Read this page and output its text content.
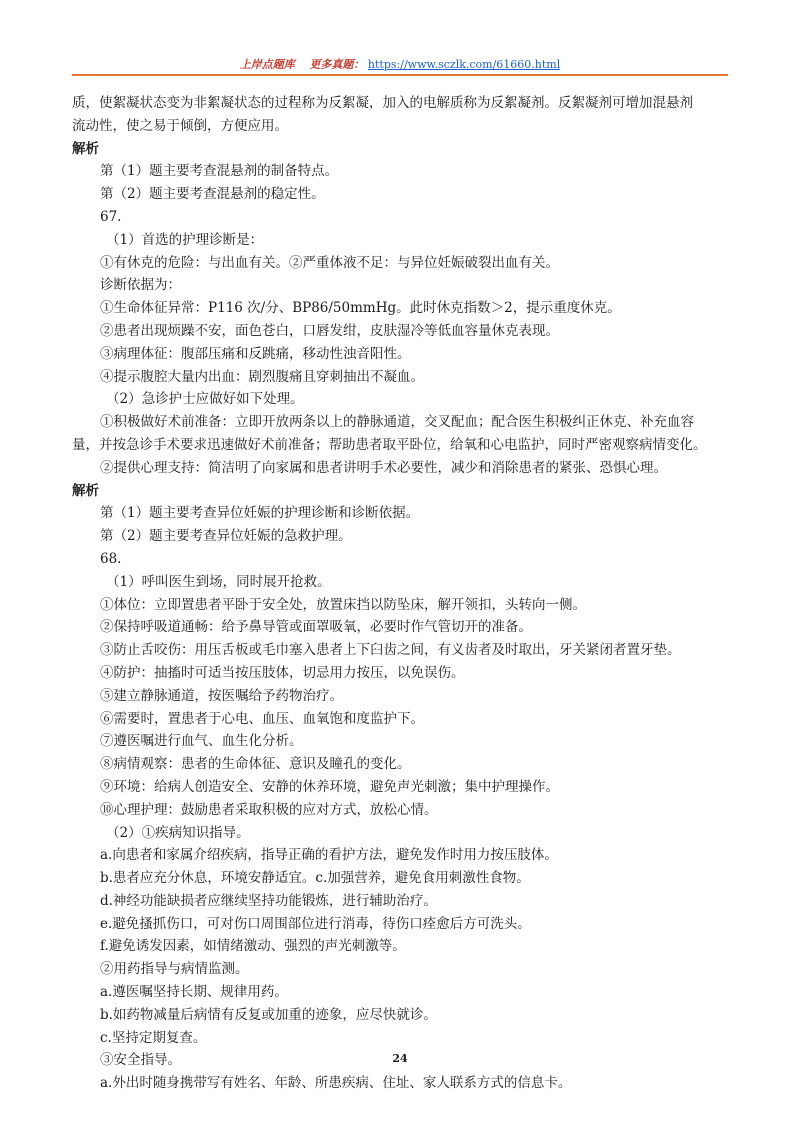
上岸点题库 更多真题： https://www.sczlk.com/61660.html
质，使絮凝状态变为非絮凝状态的过程称为反絮凝，加入的电解质称为反絮凝剂。反絮凝剂可增加混悬剂
流动性，使之易于倾倒，方便应用。
解析
第（1）题主要考查混悬剂的制备特点。
第（2）题主要考查混悬剂的稳定性。
67.
（1）首选的护理诊断是：
①有休克的危险：与出血有关。②严重体液不足：与异位妊娠破裂出血有关。
诊断依据为：
①生命体征异常：P116 次/分、BP86/50mmHg。此时休克指数＞2，提示重度休克。
②患者出现烦躁不安，面色苍白，口唇发绀，皮肤湿冷等低血容量休克表现。
③病理体征：腹部压痛和反跳痛，移动性浊音阳性。
④提示腹腔大量内出血：剧烈腹痛且穿刺抽出不凝血。
（2）急诊护士应做好如下处理。
①积极做好术前准备：立即开放两条以上的静脉通道，交叉配血；配合医生积极纠正休克、补充血容
量，并按急诊手术要求迅速做好术前准备；帮助患者取平卧位，给氧和心电监护，同时严密观察病情变化。
②提供心理支持：简洁明了向家属和患者讲明手术必要性，减少和消除患者的紧张、恐惧心理。
解析
第（1）题主要考查异位妊娠的护理诊断和诊断依据。
第（2）题主要考查异位妊娠的急救护理。
68.
（1）呼叫医生到场，同时展开抢救。
①体位：立即置患者平卧于安全处，放置床挡以防坠床，解开领扣，头转向一侧。
②保持呼吸道通畅：给予鼻导管或面罩吸氧，必要时作气管切开的准备。
③防止舌咬伤：用压舌板或毛巾塞入患者上下臼齿之间，有义齿者及时取出，牙关紧闭者置牙垫。
④防护：抽搐时可适当按压肢体，切忌用力按压，以免误伤。
⑤建立静脉通道，按医嘱给予药物治疗。
⑥需要时，置患者于心电、血压、血氧饱和度监护下。
⑦遵医嘱进行血气、血生化分析。
⑧病情观察：患者的生命体征、意识及瞳孔的变化。
⑨环境：给病人创造安全、安静的休养环境，避免声光刺激；集中护理操作。
⑩心理护理：鼓励患者采取积极的应对方式，放松心情。
（2）①疾病知识指导。
a.向患者和家属介绍疾病，指导正确的看护方法，避免发作时用力按压肢体。
b.患者应充分休息，环境安静适宜。c.加强营养，避免食用刺激性食物。
d.神经功能缺损者应继续坚持功能锻炼，进行辅助治疗。
e.避免搔抓伤口，可对伤口周围部位进行消毒，待伤口痊愈后方可洗头。
f.避免诱发因素，如情绪激动、强烈的声光刺激等。
②用药指导与病情监测。
a.遵医嘱坚持长期、规律用药。
b.如药物减量后病情有反复或加重的迹象，应尽快就诊。
c.坚持定期复查。
③安全指导。
a.外出时随身携带写有姓名、年龄、所患疾病、住址、家人联系方式的信息卡。
24
